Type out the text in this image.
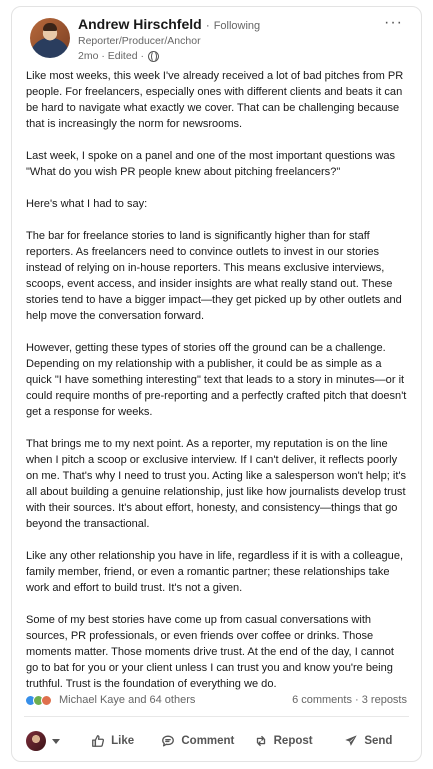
Andrew Hirschfeld · Following
Reporter/Producer/Anchor
2mo · Edited ·
···

Like most weeks, this week I've already received a lot of bad pitches from PR people. For freelancers, especially ones with different clients and beats it can be hard to navigate what exactly we cover. That can be challenging because that is increasingly the norm for newsrooms.

Last week, I spoke on a panel and one of the most important questions was "What do you wish PR people knew about pitching freelancers?"

Here's what I had to say:

The bar for freelance stories to land is significantly higher than for staff reporters. As freelancers need to convince outlets to invest in our stories instead of relying on in-house reporters. This means exclusive interviews, scoops, event access, and insider insights are what really stand out. These stories tend to have a bigger impact—they get picked up by other outlets and help move the conversation forward.

However, getting these types of stories off the ground can be a challenge. Depending on my relationship with a publisher, it could be as simple as a quick "I have something interesting" text that leads to a story in minutes—or it could require months of pre-reporting and a perfectly crafted pitch that doesn't get a response for weeks.

That brings me to my next point. As a reporter, my reputation is on the line when I pitch a scoop or exclusive interview. If I can't deliver, it reflects poorly on me. That's why I need to trust you. Acting like a salesperson won't help; it's all about building a genuine relationship, just like how journalists develop trust with their sources. It's about effort, honesty, and consistency—things that go beyond the transactional.

Like any other relationship you have in life, regardless if it is with a colleague, family member, friend, or even a romantic partner; these relationships take work and effort to build trust. It's not a given.

Some of my best stories have come up from casual conversations with sources, PR professionals, or even friends over coffee or drinks. Those moments matter. Those moments drive trust. At the end of the day, I cannot go to bat for you or your client unless I can trust you and know you're being truthful. Trust is the foundation of everything we do.

Michael Kaye and 64 others	6 comments · 3 reposts
Like	Comment	Repost	Send
